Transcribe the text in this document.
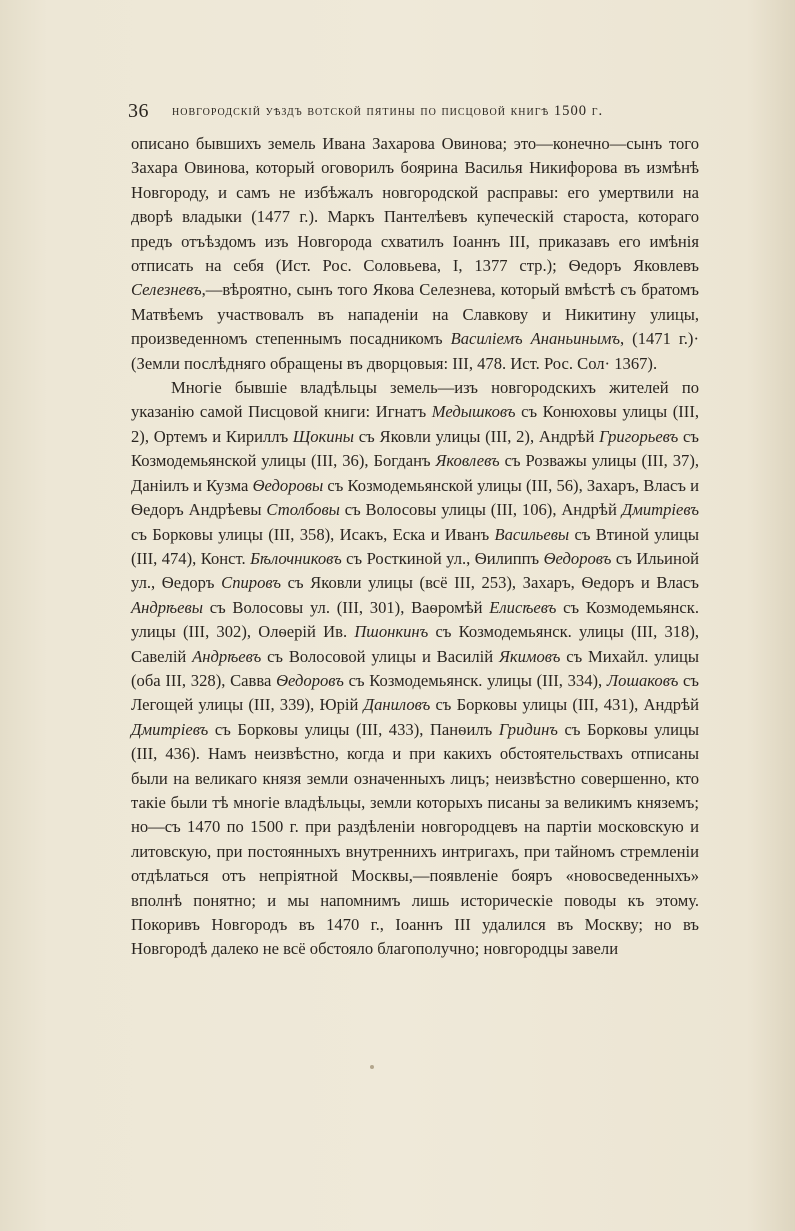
36 новгородскій уѣздъ вотской пятины по писцовой книгѣ 1500 г.

описано бывшихъ земель Ивана Захарова Овинова; это—конечно—сынъ того Захара Овинова, который оговорилъ боярина Василья Никифорова въ измѣнѣ Новгороду, и самъ не избѣжалъ новгородской расправы: его умертвили на дворѣ владыки (1477 г.). Маркъ Пантелѣевъ купеческій староста, котораго предъ отъѣздомъ изъ Новгорода схватилъ Іоаннъ III, приказавъ его имѣнія отписать на себя (Ист. Рос. Соловьева, I, 1377 стр.); Ѳедоръ Яковлевъ Селезневъ,—вѣроятно, сынъ того Якова Селезнева, который вмѣстѣ съ братомъ Матвѣемъ участвовалъ въ нападеніи на Славкову и Никитину улицы, произведенномъ степеннымъ посадникомъ Василіемъ Ананьинымъ, (1471 г.)· (Земли послѣдняго обращены въ дворцовыя: III, 478. Ист. Рос. Сол· 1367).

Многіе бывшіе владѣльцы земель—изъ новгородскихъ жителей по указанію самой Писцовой книги: Игнатъ Медышковъ съ Конюховы улицы (III, 2), Ортемъ и Кириллъ Щокины съ Яковли улицы (III, 2), Андрѣй Григорьевъ съ Козмодемьянской улицы (III, 36), Богданъ Яковлевъ съ Розважы улицы (III, 37), Даніилъ и Кузма Ѳедоровы съ Козмодемьянской улицы (III, 56), Захаръ, Власъ и Ѳедоръ Андрѣевы Столбовы съ Волосовы улицы (III, 106), Андрѣй Дмитріевъ съ Борковы улицы (III, 358), Исакъ, Еска и Иванъ Васильевы съ Втиной улицы (III, 474), Конст. Бѣлочниковъ съ Росткиной ул., Ѳилиппъ Ѳедоровъ съ Ильиной ул., Ѳедоръ Спировъ съ Яковли улицы (всё III, 253), Захаръ, Ѳедоръ и Власъ Андрѣевы съ Волосовы ул. (III, 301), Ваѳромѣй Елисѣевъ съ Козмодемьянск. улицы (III, 302), Олѳерій Ив. Пшонкинъ съ Козмодемьянск. улицы (III, 318), Савелій Андрѣевъ съ Волосовой улицы и Василій Якимовъ съ Михайл. улицы (оба III, 328), Савва Ѳедоровъ съ Козмодемьянск. улицы (III, 334), Лошаковъ съ Легощей улицы (III, 339), Юрій Даниловъ съ Борковы улицы (III, 431), Андрѣй Дмитріевъ съ Борковы улицы (III, 433), Панѳилъ Гридинъ съ Борковы улицы (III, 436). Намъ неизвѣстно, когда и при какихъ обстоятельствахъ отписаны были на великаго князя земли означенныхъ лицъ; неизвѣстно совершенно, кто такіе были тѣ многіе владѣльцы, земли которыхъ писаны за великимъ княземъ; но—съ 1470 по 1500 г. при раздѣленіи новгородцевъ на партіи московскую и литовскую, при постоянныхъ внутреннихъ интригахъ, при тайномъ стремленіи отдѣлаться отъ непріятной Москвы,—появленіе бояръ «новосведенныхъ» вполнѣ понятно; и мы напомнимъ лишь историческіе поводы къ этому. Покоривъ Новгородъ въ 1470 г., Іоаннъ III удалился въ Москву; но въ Новгородѣ далеко не всё обстояло благополучно; новгородцы завели
